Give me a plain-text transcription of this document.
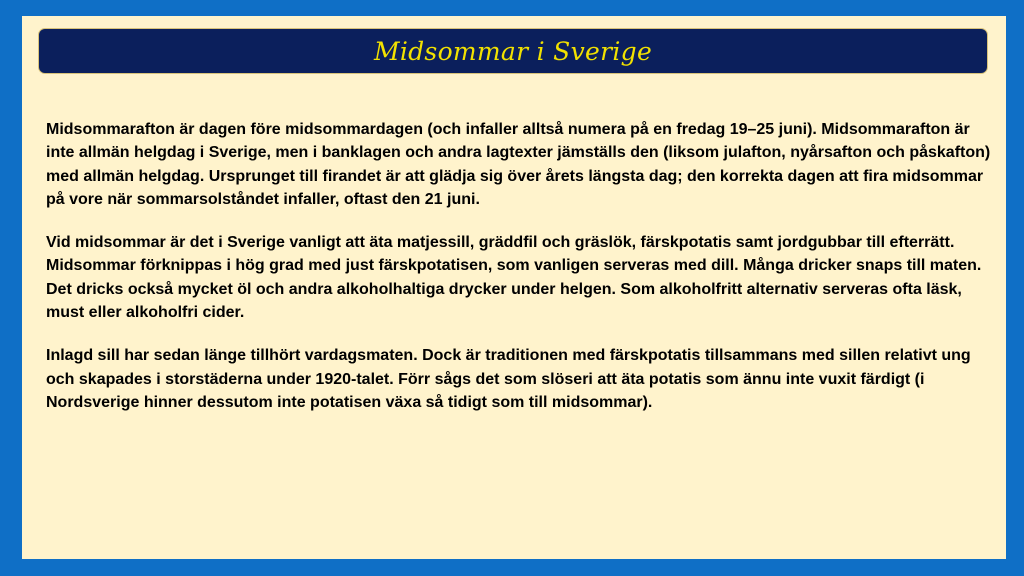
Midsommar i Sverige

Midsommarafton är dagen före midsommardagen (och infaller alltså numera på en fredag 19–25 juni). Midsommarafton är inte allmän helgdag i Sverige, men i banklagen och andra lagtexter jämställs den (liksom julafton, nyårsafton och påskafton) med allmän helgdag. Ursprunget till firandet är att glädja sig över årets längsta dag; den korrekta dagen att fira midsommar på vore när sommarsolståndet infaller, oftast den 21 juni.

Vid midsommar är det i Sverige vanligt att äta matjessill, gräddfil och gräslök, färskpotatis samt jordgubbar till efterrätt. Midsommar förknippas i hög grad med just färskpotatisen, som vanligen serveras med dill. Många dricker snaps till maten. Det dricks också mycket öl och andra alkoholhaltiga drycker under helgen. Som alkoholfritt alternativ serveras ofta läsk, must eller alkoholfri cider.

Inlagd sill har sedan länge tillhört vardagsmaten. Dock är traditionen med färskpotatis tillsammans med sillen relativt ung och skapades i storstäderna under 1920-talet. Förr sågs det som slöseri att äta potatis som ännu inte vuxit färdigt (i Nordsverige hinner dessutom inte potatisen växa så tidigt som till midsommar).
